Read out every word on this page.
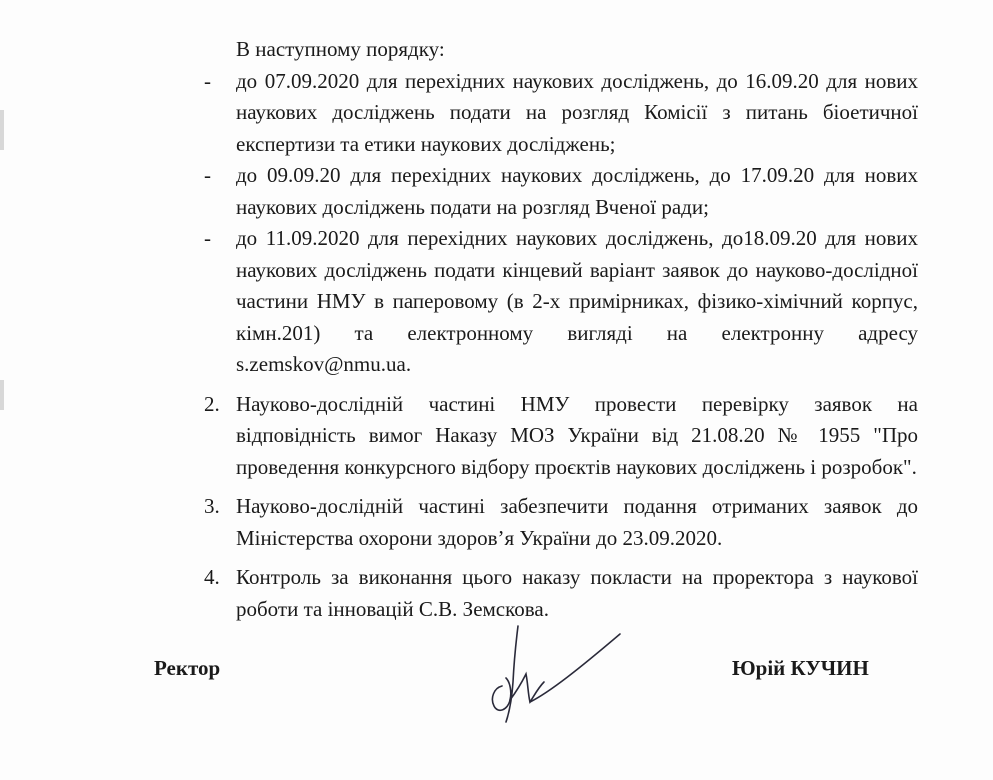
В наступному порядку:

- до 07.09.2020 для перехідних наукових досліджень, до 16.09.20 для нових наукових досліджень подати на розгляд Комісії з питань біоетичної експертизи та етики наукових досліджень;
- до 09.09.20 для перехідних наукових досліджень, до 17.09.20 для нових наукових досліджень подати на розгляд Вченої ради;
- до 11.09.2020 для перехідних наукових досліджень, до18.09.20 для нових наукових досліджень подати кінцевий варіант заявок до науково-дослідної частини НМУ в паперовому (в 2-х примірниках, фізико-хімічний корпус, кімн.201) та електронному вигляді на електронну адресу s.zemskov@nmu.ua.
2. Науково-дослідній частині НМУ провести перевірку заявок на відповідність вимог Наказу МОЗ України від 21.08.20 № 1955 "Про проведення конкурсного відбору проєктів наукових досліджень і розробок".
3. Науково-дослідній частині забезпечити подання отриманих заявок до Міністерства охорони здоров’я України до 23.09.2020.
4. Контроль за виконання цього наказу покласти на проректора з наукової роботи та інновацій С.В. Земскова.
Ректор	Юрій КУЧИН
